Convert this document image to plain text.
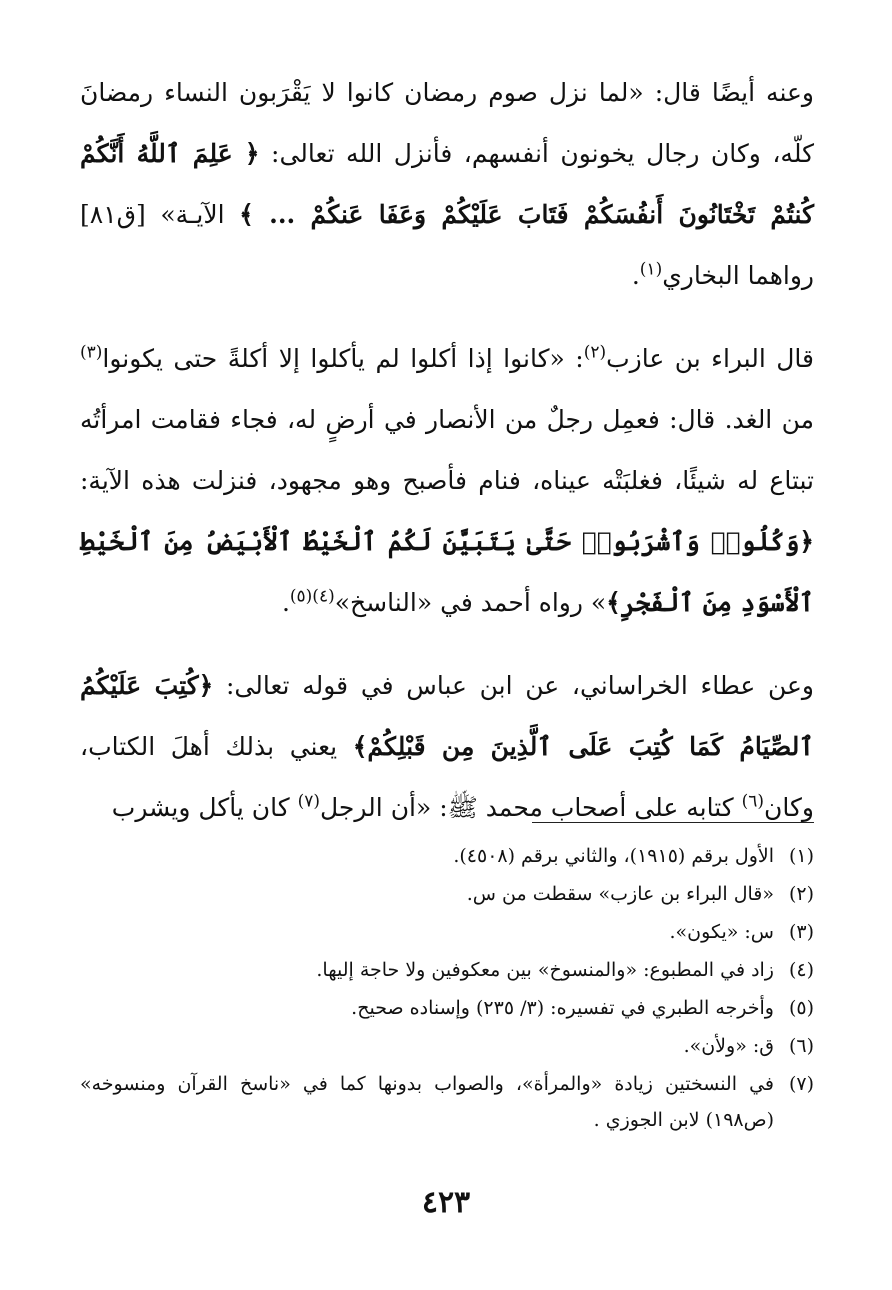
وعنه أيضًا قال: «لما نزل صوم رمضان كانوا لا يَقْرَبون النساء رمضانَ كلّه، وكان رجال يخونون أنفسهم، فأنزل الله تعالى: ﴿ عَلِمَ ٱللَّهُ أَنَّكُمْ كُنتُمْ تَخْتَانُونَ أَنفُسَكُمْ فَتَابَ عَلَيْكُمْ وَعَفَا عَنكُمْ ... ﴾ الآيـة» [ق٨١] رواهما البخاري$^{(١)}$.

قال البراء بن عازب$^{(٢)}$: «كانوا إذا أكلوا لم يأكلوا إلا أكلةً حتى يكونوا$^{(٣)}$ من الغد. قال: فعمِل رجلٌ من الأنصار في أرضٍ له، فجاء فقامت امرأتُه تبتاع له شيئًا، فغلبَتْه عيناه، فنام فأصبح وهو مجهود، فنزلت هذه الآية: ﴿وَكُلُوا۟ وَٱشْرَبُوا۟ حَتَّىٰ يَتَبَيَّنَ لَكُمُ ٱلْخَيْطُ ٱلْأَبْيَضُ مِنَ ٱلْخَيْطِ ٱلْأَسْوَدِ مِنَ ٱلْفَجْرِ﴾» رواه أحمد في «الناسخ»$^{(٤)(٥)}$.

وعن عطاء الخراساني، عن ابن عباس في قوله تعالى: ﴿كُتِبَ عَلَيْكُمُ ٱلصِّيَامُ كَمَا كُتِبَ عَلَى ٱلَّذِينَ مِن قَبْلِكُمْ﴾ يعني بذلك أهلَ الكتاب، وكان$^{(٦)}$ كتابه على أصحاب محمد ﷺ: «أن الرجل$^{(٧)}$ كان يأكل ويشرب

(١)
الأول برقم (١٩١٥)، والثاني برقم (٤٥٠٨).
(٢)
«قال البراء بن عازب» سقطت من س.
(٣)
س: «يكون».
(٤)
زاد في المطبوع: «والمنسوخ» بين معكوفين ولا حاجة إليها.
(٥)
وأخرجه الطبري في تفسيره: (٣/ ٢٣٥) وإسناده صحيح.
(٦)
ق: «ولأن».
(٧)
في النسختين زيادة «والمرأة»، والصواب بدونها كما في «ناسخ القرآن ومنسوخه» (ص١٩٨) لابن الجوزي .
٤٢٣
